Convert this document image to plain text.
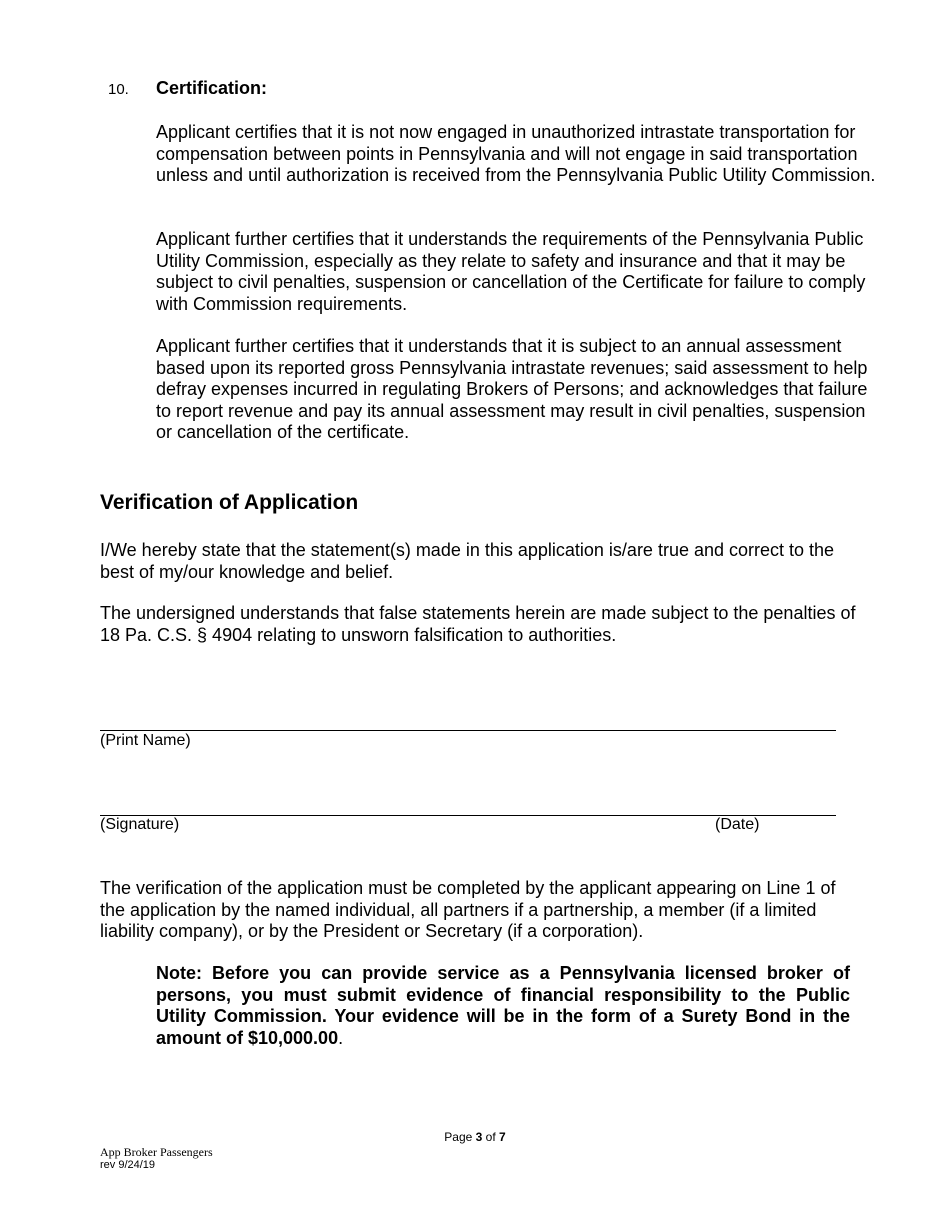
10. Certification:

Applicant certifies that it is not now engaged in unauthorized intrastate transportation for compensation between points in Pennsylvania and will not engage in said transportation unless and until authorization is received from the Pennsylvania Public Utility Commission.

Applicant further certifies that it understands the requirements of the Pennsylvania Public Utility Commission, especially as they relate to safety and insurance and that it may be subject to civil penalties, suspension or cancellation of the Certificate for failure to comply with Commission requirements.

Applicant further certifies that it understands that it is subject to an annual assessment based upon its reported gross Pennsylvania intrastate revenues; said assessment to help defray expenses incurred in regulating Brokers of Persons; and acknowledges that failure to report revenue and pay its annual assessment may result in civil penalties, suspension or cancellation of the certificate.

Verification of Application

I/We hereby state that the statement(s) made in this application is/are true and correct to the best of my/our knowledge and belief.

The undersigned understands that false statements herein are made subject to the penalties of 18 Pa. C.S. § 4904 relating to unsworn falsification to authorities.

(Print Name)
(Signature)	(Date)

The verification of the application must be completed by the applicant appearing on Line 1 of the application by the named individual, all partners if a partnership, a member (if a limited liability company), or by the President or Secretary (if a corporation).

Note: Before you can provide service as a Pennsylvania licensed broker of persons, you must submit evidence of financial responsibility to the Public Utility Commission. Your evidence will be in the form of a Surety Bond in the amount of $10,000.00.

Page 3 of 7
App Broker Passengers
rev 9/24/19
